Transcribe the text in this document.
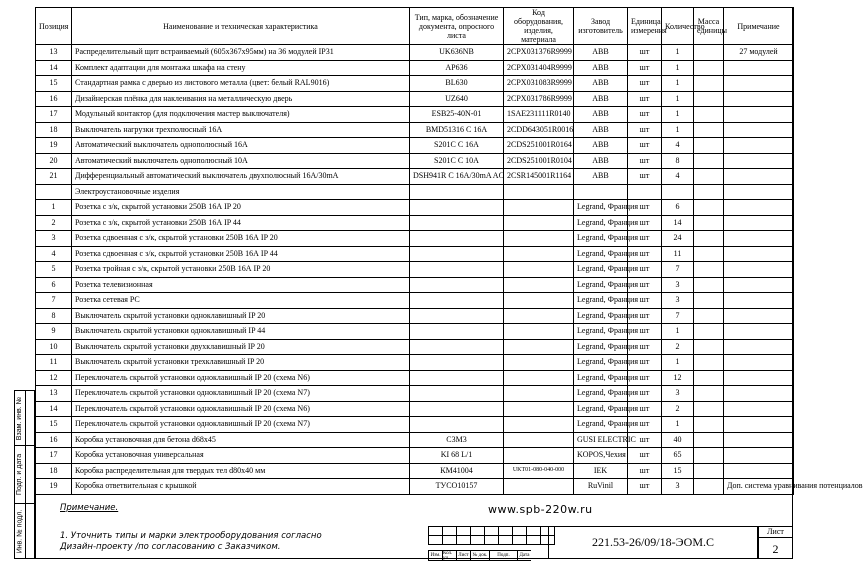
Позиция	Наименование и техническая характеристика	Тип, марка, обозначение документа, опросного листа	Код оборудования, изделия, материала	Завод изготовитель	Единица измерения	Количество	Масса единицы	Примечание
13	Распределительный щит встраиваемый (605x367x95мм) на 36 модулей IP31	UK636NB	2CPX031376R9999	ABB	шт	1		27 модулей
14	Комплект адаптации для монтажа шкафа на стену	AP636	2CPX031404R9999	ABB	шт	1		
15	Стандартная рамка с дверью из листового металла (цвет: белый RAL9016)	BL630	2CPX031083R9999	ABB	шт	1		
16	Дизайнерская плёнка для наклеивания на металлическую дверь	UZ640	2CPX031786R9999	ABB	шт	1		
17	Модульный контактор (для подключения мастер выключателя)	ESB25-40N-01	1SAE231111R0140	ABB	шт	1		
18	Выключатель нагрузки трехполюсный 16А	BMD51316 C 16A	2CDD643051R0016	ABB	шт	1		
19	Автоматический выключатель однополюсный 16А	S201C C 16A	2CDS251001R0164	ABB	шт	4		
20	Автоматический выключатель однополюсный 10А	S201C C 10A	2CDS251001R0104	ABB	шт	8		
21	Дифференциальный автоматический выключатель двухполюсный 16А/30mA	DSH941R C 16A/30mA AC	2CSR145001R1164	ABB	шт	4		
	Электроустановочные изделия							
1	Розетка с з/к, скрытой установки 250В 16А IP 20			Legrand, Франция	шт	6		
2	Розетка с з/к, скрытой установки 250В 16А IP 44			Legrand, Франция	шт	14		
3	Розетка сдвоенная с з/к, скрытой установки 250В 16А IP 20			Legrand, Франция	шт	24		
4	Розетка сдвоенная с з/к, скрытой установки 250В 16А IP 44			Legrand, Франция	шт	11		
5	Розетка тройная с з/к, скрытой установки 250В 16А IP 20			Legrand, Франция	шт	7		
6	Розетка телевизионная			Legrand, Франция	шт	3		
7	Розетка сетевая PC			Legrand, Франция	шт	3		
8	Выключатель скрытой установки одноклавишный IP 20			Legrand, Франция	шт	7		
9	Выключатель скрытой установки одноклавишный IP 44			Legrand, Франция	шт	1		
10	Выключатель скрытой установки двухклавишный IP 20			Legrand, Франция	шт	2		
11	Выключатель скрытой установки трехклавишный IP 20			Legrand, Франция	шт	1		
12	Переключатель скрытой установки одноклавишный IP 20 (схема N6)			Legrand, Франция	шт	12		
13	Переключатель скрытой установки одноклавишный IP 20 (схема N7)			Legrand, Франция	шт	3		
14	Переключатель скрытой установки одноклавишный IP 20 (схема N6)			Legrand, Франция	шт	2		
15	Переключатель скрытой установки одноклавишный IP 20 (схема N7)			Legrand, Франция	шт	1		
16	Коробка установочная для бетона d68x45	С3М3		GUSI ELECTRIC	шт	40		
17	Коробка установочная универсальная	KI 68 L/1		KOPOS,Чехия	шт	65		
18	Коробка распределительная для твердых тел d80x40 мм	КМ41004	UKT01-080-040-000	IEK	шт	15		
19	Коробка ответвительная с крышкой	ТУСО10157		RuVinil	шт	3		Доп. система уравнивания потенциалов
Взам. инв. №
Подп. и дата
Инв. № подл.
Примечание.
1. Уточнить типы и марки электрооборудования согласно
Дизайн-проекту /по согласованию с Заказчиком.
www.spb-220w.ru

Изм. Кол. уч.	Лист № док.	Подп.	Дата
221.53-26/09/18-ЭОМ.С
Лист
2
